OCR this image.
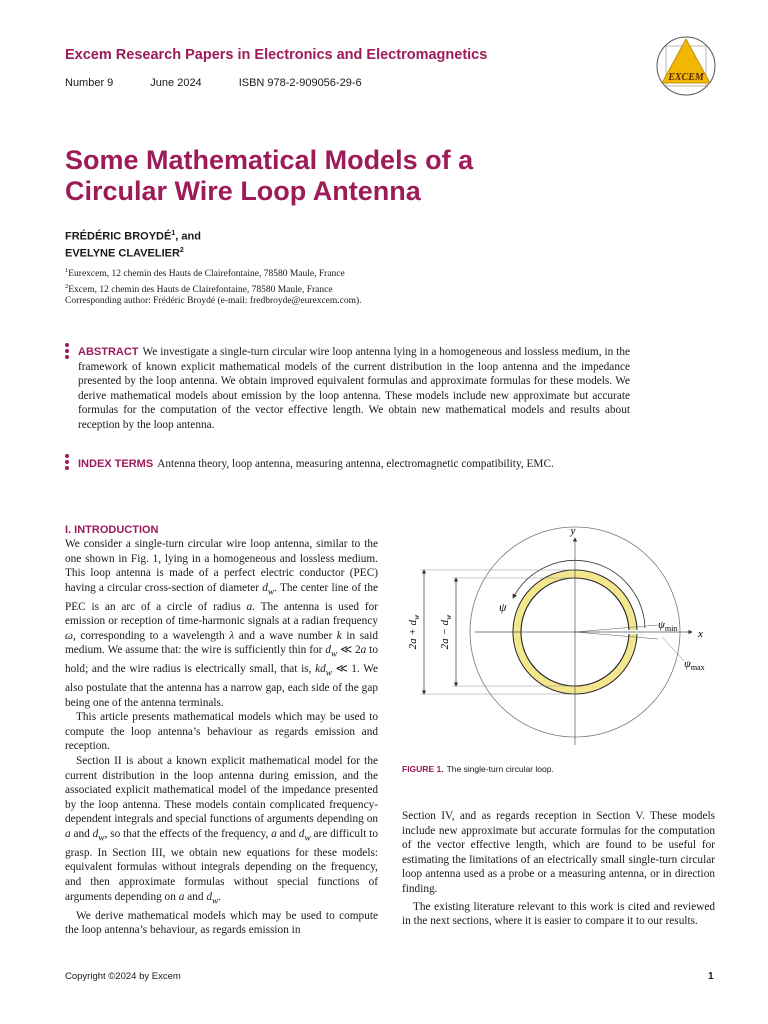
Excem Research Papers in Electronics and Electromagnetics
Number 9	June 2024	ISBN 978-2-909056-29-6	EXCEM
Some Mathematical Models of a
Circular Wire Loop Antenna
FRÉDÉRIC BROYDÉ$^1$, and
EVELYNE CLAVELIER$^2$
$^1$Eurexcem, 12 chemin des Hauts de Clairefontaine, 78580 Maule, France
$^2$Excem, 12 chemin des Hauts de Clairefontaine, 78580 Maule, France
Corresponding author: Frédéric Broydé (e-mail: fredbroyde@eurexcem.com).
ABSTRACT We investigate a single-turn circular wire loop antenna lying in a homogeneous and lossless medium, in the framework of known explicit mathematical models of the current distribution in the loop antenna and the impedance presented by the loop antenna. We obtain improved equivalent formulas and approximate formulas for these models. We derive mathematical models about emission by the loop antenna. These models include new approximate but accurate formulas for the computation of the vector effective length. We obtain new mathematical models and results about reception by the loop antenna.
INDEX TERMS Antenna theory, loop antenna, measuring antenna, electromagnetic compatibility, EMC.
I. INTRODUCTION

We consider a single-turn circular wire loop antenna, similar to the one shown in Fig. 1, lying in a homogeneous and lossless medium. This loop antenna is made of a perfect electric conductor (PEC) having a circular cross-section of diameter $d_w$. The center line of the PEC is an arc of a circle of radius a. The antenna is used for emission or reception of time-harmonic signals at a radian frequency ω, corresponding to a wavelength λ and a wave number k in said medium. We assume that: the wire is sufficiently thin for $d_w$ ≪ 2a to hold; and the wire radius is electrically small, that is, $kd_w$ ≪ 1. We also postulate that the antenna has a narrow gap, each side of the gap being one of the antenna terminals.

This article presents mathematical models which may be used to compute the loop antenna’s behaviour as regards emission and reception.

Section II is about a known explicit mathematical model for the current distribution in the loop antenna during emission, and the associated explicit mathematical model of the impedance presented by the loop antenna. These models contain complicated frequency-dependent integrals and special functions of arguments depending on a and $d_w$, so that the effects of the frequency, a and $d_w$ are difficult to grasp. In Section III, we obtain new equations for these models: equivalent formulas without integrals depending on the frequency, and then approximate formulas without special functions of arguments depending on a and $d_w$.

We derive mathematical models which may be used to compute the loop antenna’s behaviour, as regards emission in

y
x
ψ
$\psi_{min}$
$\psi_{max}$
$2a + d_w$
$2a - d_w$
FIGURE 1. The single-turn circular loop.

Section IV, and as regards reception in Section V. These models include new approximate but accurate formulas for the computation of the vector effective length, which are found to be useful for estimating the limitations of an electrically small single-turn circular loop antenna used as a probe or a measuring antenna, or in direction finding.

The existing literature relevant to this work is cited and reviewed in the next sections, where it is easier to compare it to our results.

Copyright ©2024 by Excem	1
